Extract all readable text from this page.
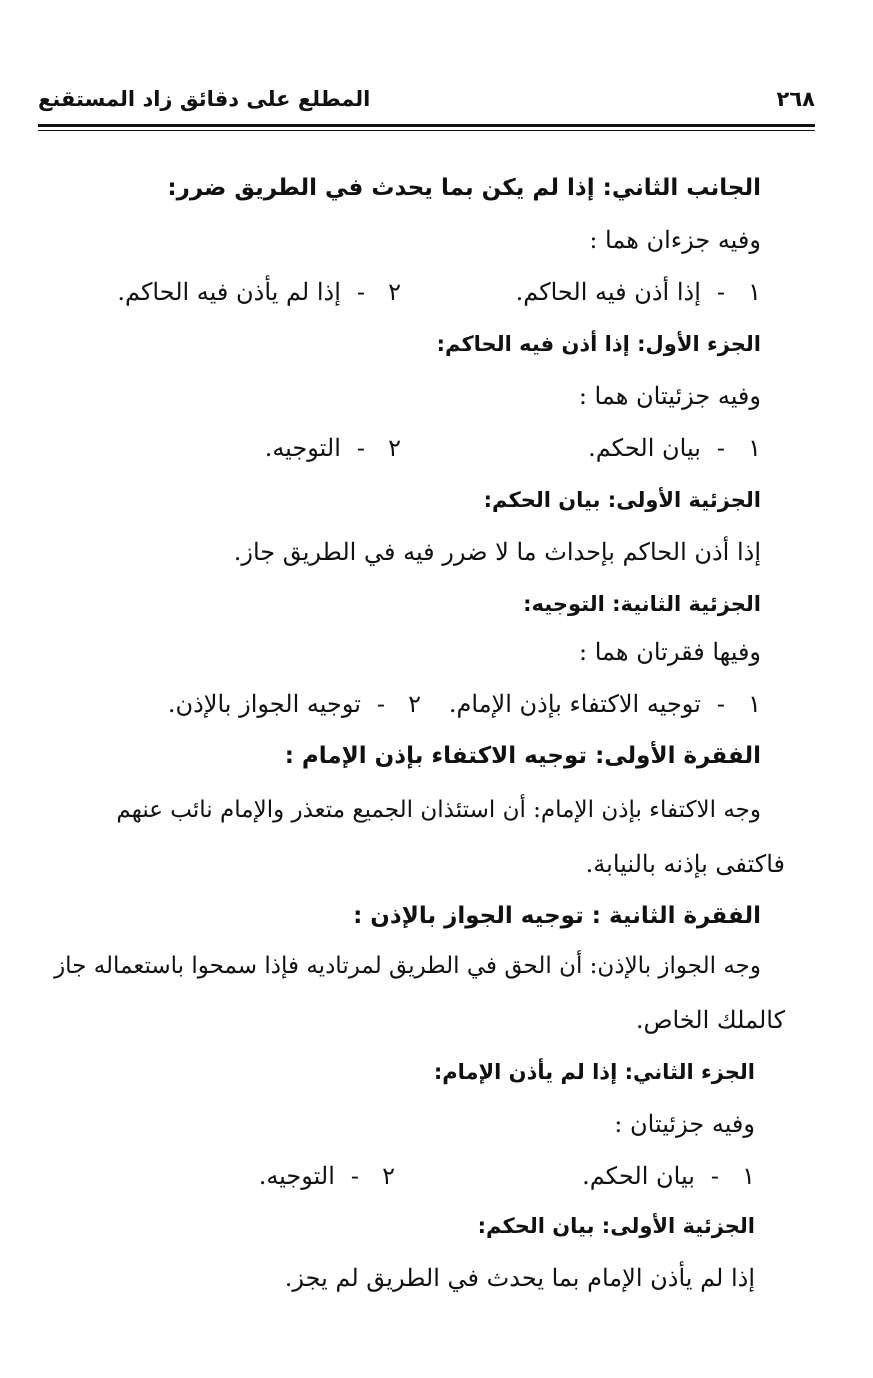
٢٦٨
المطلع على دقائق زاد المستقنع
الجانب الثاني: إذا لم يكن بما يحدث في الطريق ضرر:
وفيه جزءان هما :
١-إذا أذن فيه الحاكم.
٢-إذا لم يأذن فيه الحاكم.
الجزء الأول: إذا أذن فيه الحاكم:
وفيه جزئيتان هما :
١-بيان الحكم.
٢-التوجيه.
الجزئية الأولى: بيان الحكم:
إذا أذن الحاكم بإحداث ما لا ضرر فيه في الطريق جاز.
الجزئية الثانية: التوجيه:
وفيها فقرتان هما :
١-توجيه الاكتفاء بإذن الإمام.
٢-توجيه الجواز بالإذن.
الفقرة الأولى: توجيه الاكتفاء بإذن الإمام :
وجه الاكتفاء بإذن الإمام: أن استئذان الجميع متعذر والإمام نائب عنهم
فاكتفى بإذنه بالنيابة.
الفقرة الثانية : توجيه الجواز بالإذن :
وجه الجواز بالإذن: أن الحق في الطريق لمرتاديه فإذا سمحوا باستعماله جاز
كالملك الخاص.
الجزء الثاني: إذا لم يأذن الإمام:
وفيه جزئيتان :
١-بيان الحكم.
٢-التوجيه.
الجزئية الأولى: بيان الحكم:
إذا لم يأذن الإمام بما يحدث في الطريق لم يجز.
